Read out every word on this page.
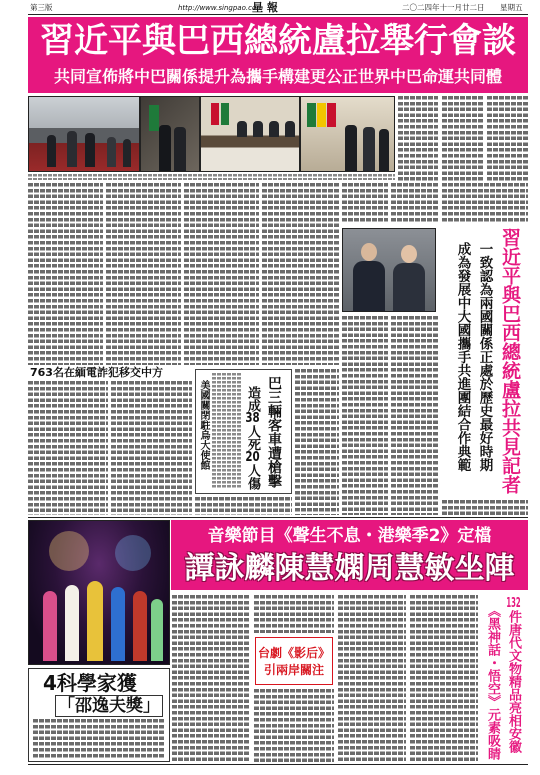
第三版	http://www.singpao.com
星 報	二〇二四年十一月廿二日 星期五
習近平與巴西總統盧拉舉行會談
共同宣佈將中巴關係提升為攜手構建更公正世界中巴命運共同體
習近平與巴西總統盧拉共見記者
一致認為兩國關係正處於歷史最好時期
成為發展中大國攜手共進團結合作典範
763名在緬電詐犯移交中方
美國關閉駐烏大使館	造成38人死20人傷 巴三輛客車遭槍擊
音樂節目《聲生不息・港樂季2》定檔
譚詠麟陳慧嫻周慧敏坐陣
台劇《影后》
引兩岸關注
132件唐代文物精品亮相安徽
《黑神話・悟空》元素吸睛
4科學家獲
「邵逸夫獎」
